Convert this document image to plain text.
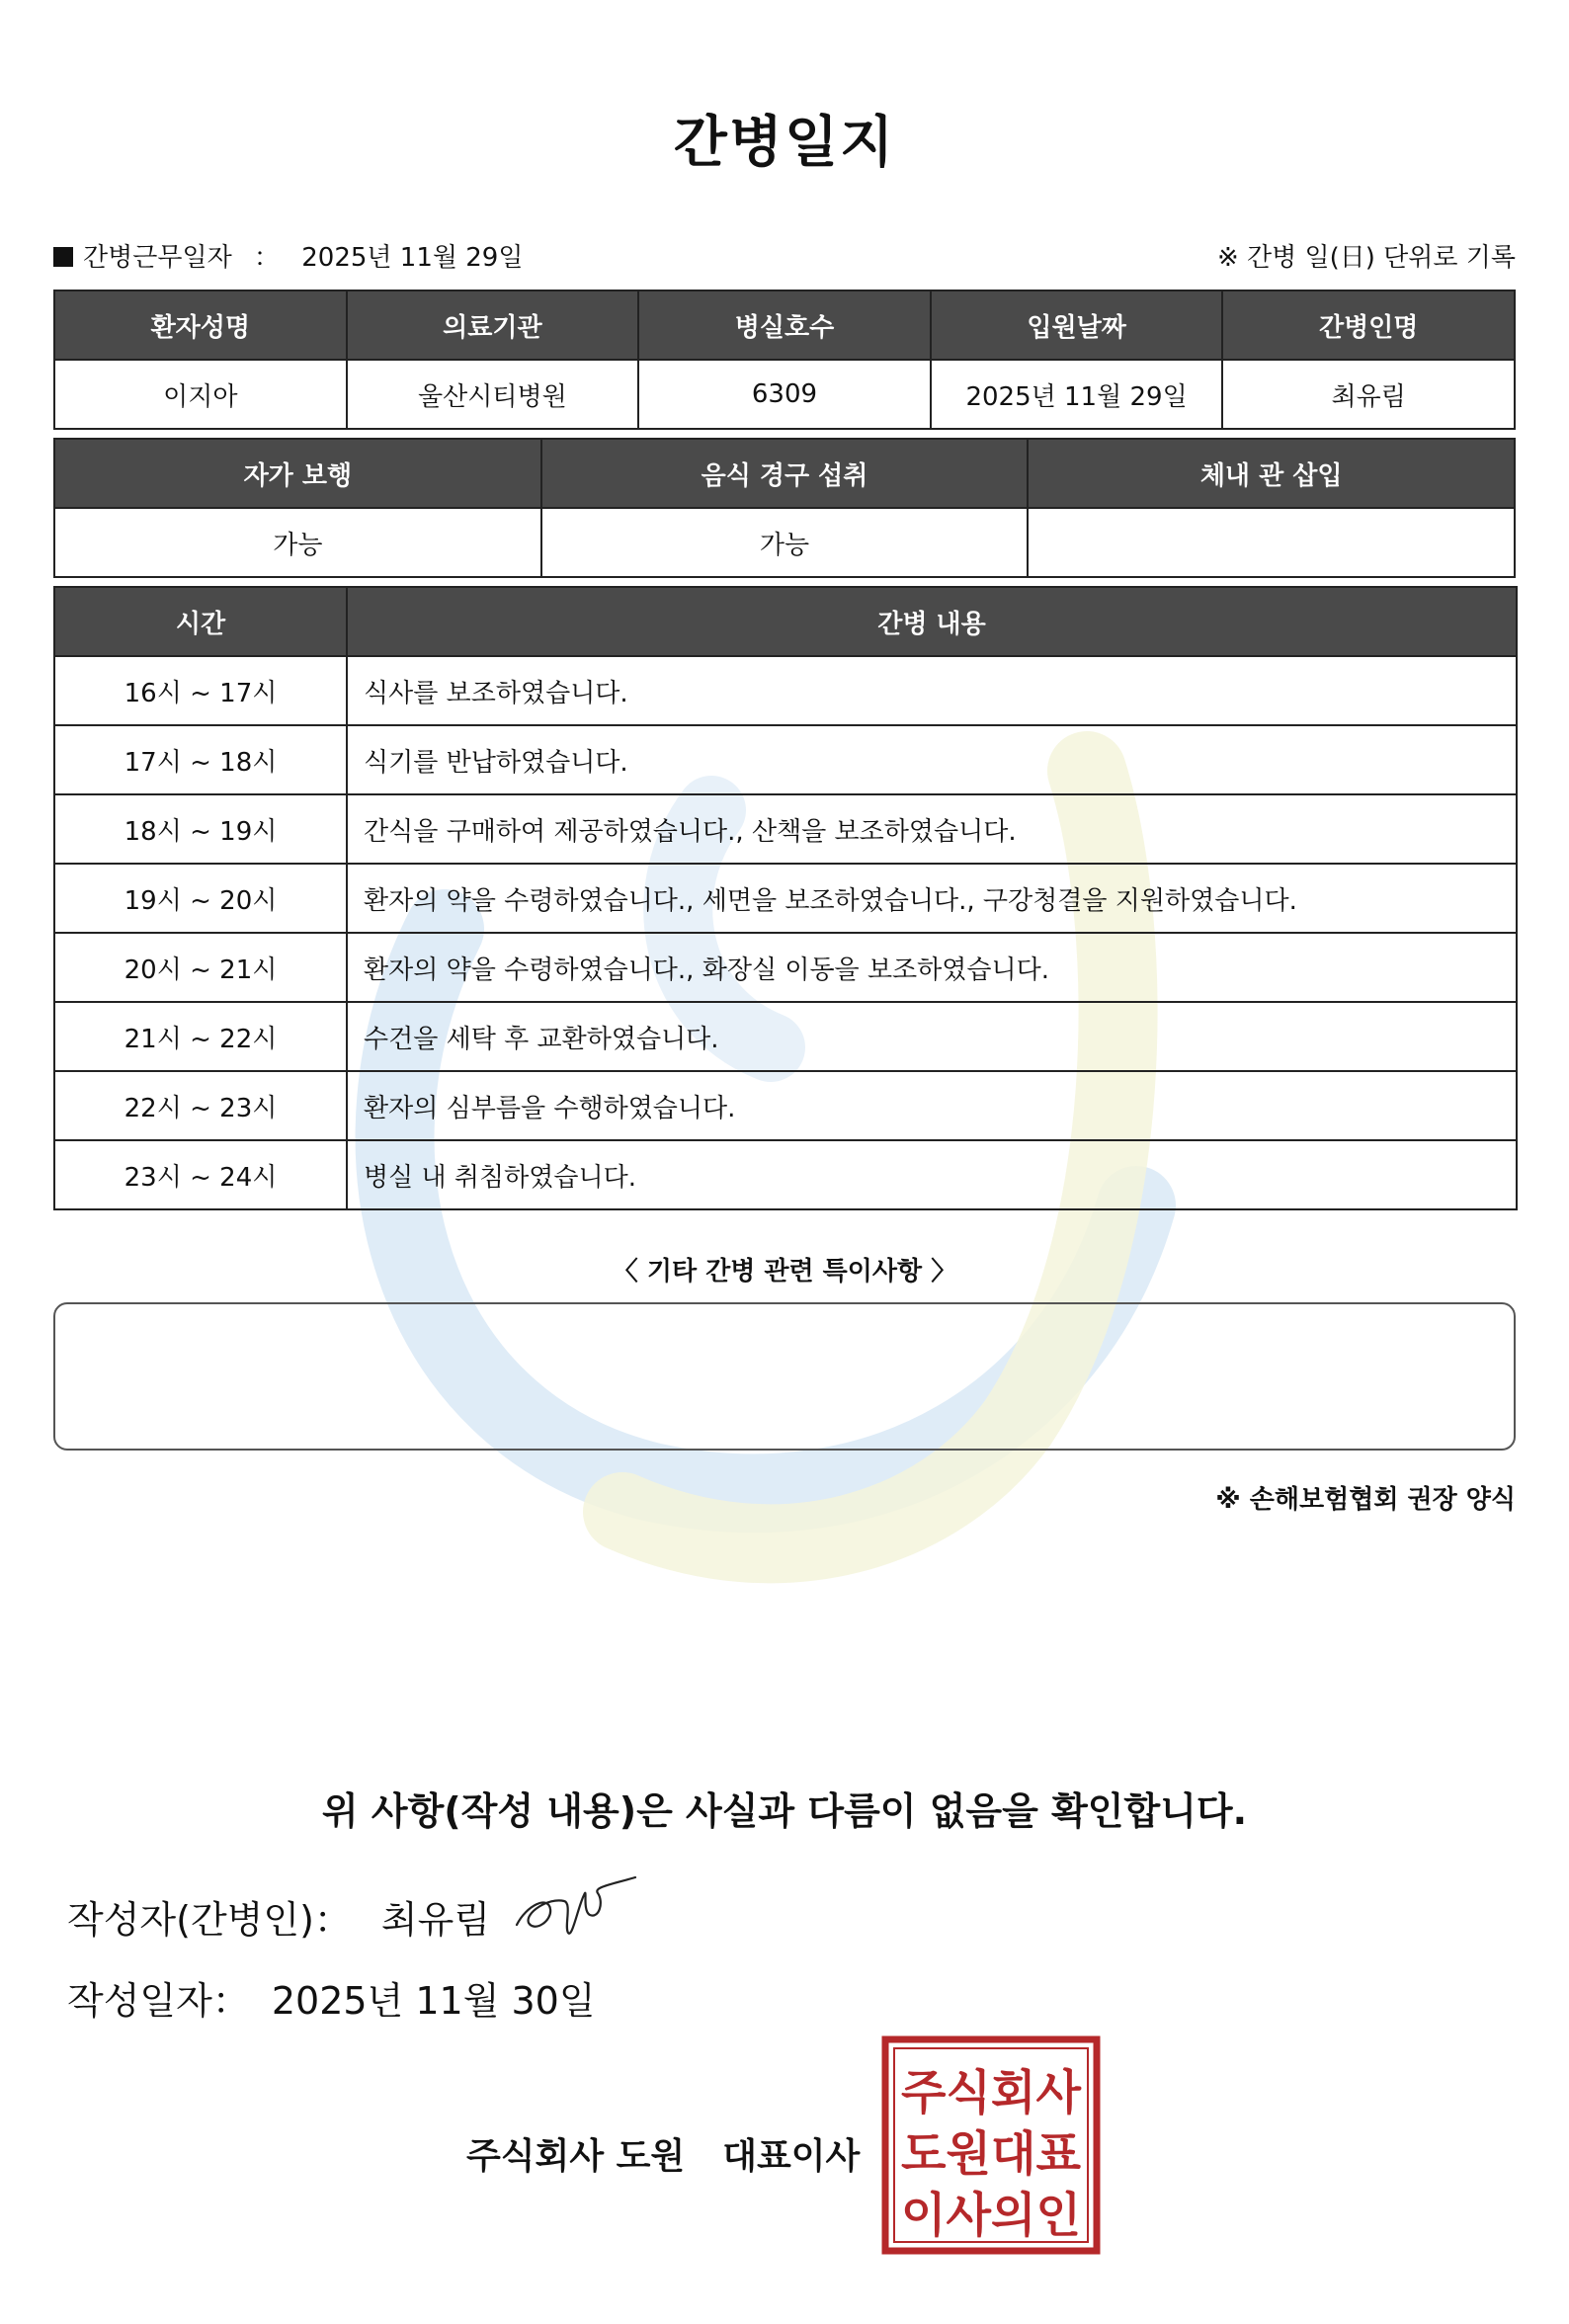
간병일지
간병근무일자 ： 2025년 11월 29일	※ 간병 일(日) 단위로 기록
환자성명	의료기관	병실호수	입원날짜	간병인명
이지아	울산시티병원	6309	2025년 11월 29일	최유림
자가 보행	음식 경구 섭취	체내 관 삽입
가능	가능	
시간	간병 내용
16시 ~ 17시	식사를 보조하였습니다.
17시 ~ 18시	식기를 반납하였습니다.
18시 ~ 19시	간식을 구매하여 제공하였습니다., 산책을 보조하였습니다.
19시 ~ 20시	환자의 약을 수령하였습니다., 세면을 보조하였습니다., 구강청결을 지원하였습니다.
20시 ~ 21시	환자의 약을 수령하였습니다., 화장실 이동을 보조하였습니다.
21시 ~ 22시	수건을 세탁 후 교환하였습니다.
22시 ~ 23시	환자의 심부름을 수행하였습니다.
23시 ~ 24시	병실 내 취침하였습니다.
〈 기타 간병 관련 특이사항 〉
※ 손해보험협회 권장 양식
위 사항(작성 내용)은 사실과 다름이 없음을 확인합니다.
작성자(간병인)： 최유림
작성일자： 2025년 11월 30일
주식회사 도원 대표이사
주식회사
도원대표
이사의인
